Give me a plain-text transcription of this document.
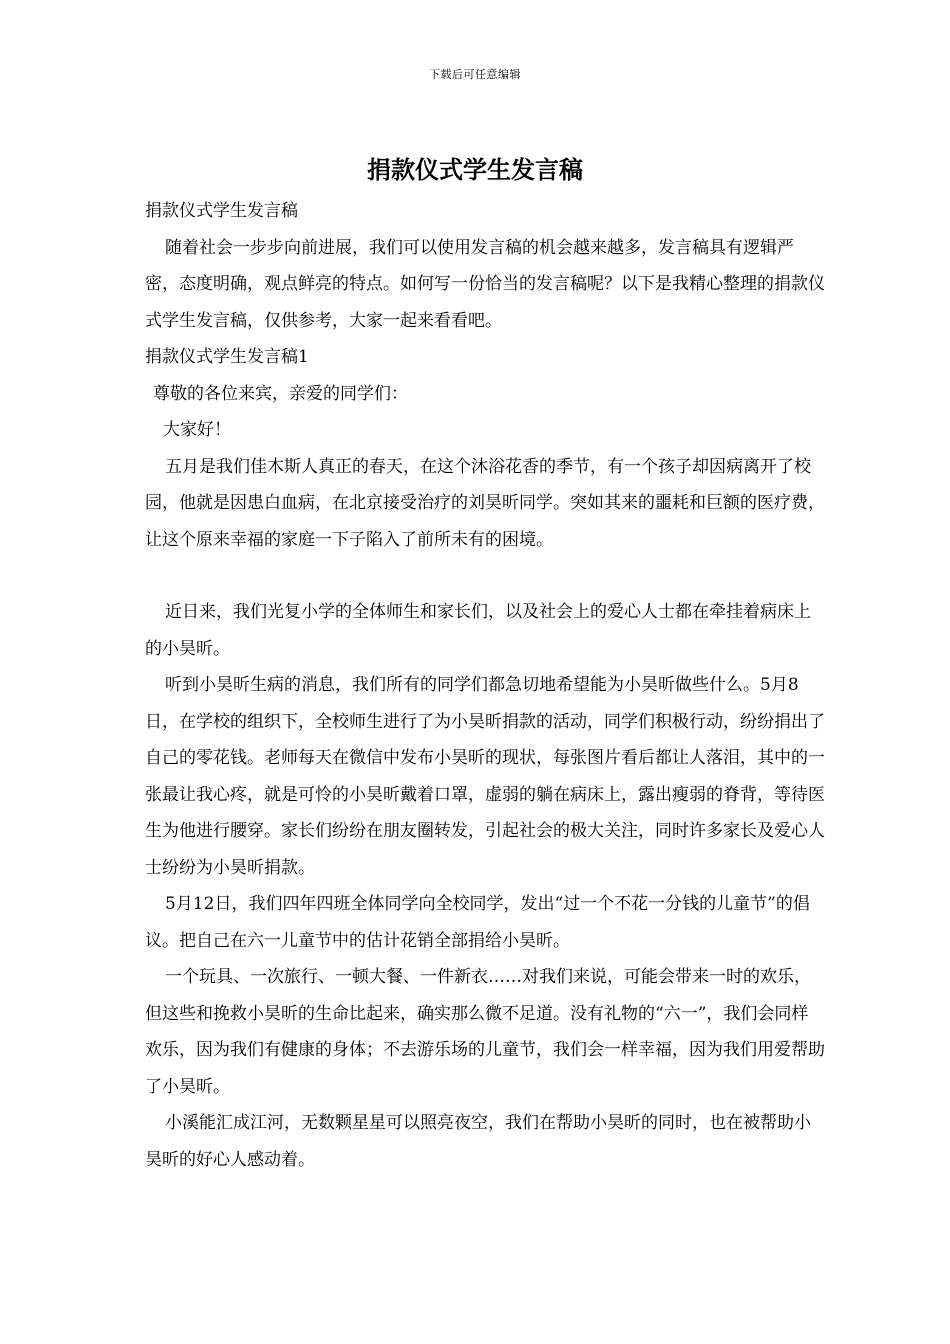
下载后可任意编辑
捐款仪式学生发言稿

捐款仪式学生发言稿

随着社会一步步向前进展，我们可以使用发言稿的机会越来越多，发言稿具有逻辑严密，态度明确，观点鲜亮的特点。如何写一份恰当的发言稿呢？以下是我精心整理的捐款仪式学生发言稿，仅供参考，大家一起来看看吧。

捐款仪式学生发言稿1

尊敬的各位来宾，亲爱的同学们：

大家好！

五月是我们佳木斯人真正的春天，在这个沐浴花香的季节，有一个孩子却因病离开了校园，他就是因患白血病，在北京接受治疗的刘昊昕同学。突如其来的噩耗和巨额的医疗费，让这个原来幸福的家庭一下子陷入了前所未有的困境。

近日来，我们光复小学的全体师生和家长们，以及社会上的爱心人士都在牵挂着病床上的小昊昕。

听到小昊昕生病的消息，我们所有的同学们都急切地希望能为小昊昕做些什么。5月8日，在学校的组织下，全校师生进行了为小昊昕捐款的活动，同学们积极行动，纷纷捐出了自己的零花钱。老师每天在微信中发布小昊昕的现状，每张图片看后都让人落泪，其中的一张最让我心疼，就是可怜的小昊昕戴着口罩，虚弱的躺在病床上，露出瘦弱的脊背，等待医生为他进行腰穿。家长们纷纷在朋友圈转发，引起社会的极大关注，同时许多家长及爱心人士纷纷为小昊昕捐款。

5月12日，我们四年四班全体同学向全校同学，发出“过一个不花一分钱的儿童节”的倡议。把自己在六一儿童节中的估计花销全部捐给小昊昕。

一个玩具、一次旅行、一顿大餐、一件新衣……对我们来说，可能会带来一时的欢乐，但这些和挽救小昊昕的生命比起来，确实那么微不足道。没有礼物的“六一”，我们会同样欢乐，因为我们有健康的身体；不去游乐场的儿童节，我们会一样幸福，因为我们用爱帮助了小昊昕。

小溪能汇成江河，无数颗星星可以照亮夜空，我们在帮助小昊昕的同时，也在被帮助小昊昕的好心人感动着。
